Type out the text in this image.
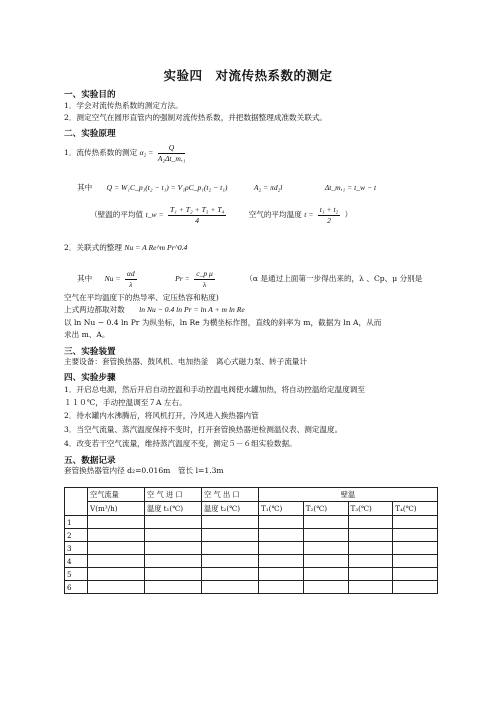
实验四　对流传热系数的测定
一、实验目的
1．学会对流传热系数的测定方法。
2．测定空气在圆形直管内的强制对流传热系数，并把数据整理成准数关联式。
二、实验原理
1．流传热系数的测定 $\alpha_2 = \frac{Q}{\text{A₂Δt\_m,₁}}$
其中 Q = W₁C_p₁(t₂ − t₁) = V₁ρC_p₁(t₂ − t₁)	A₂ = πd₂l	Δt_m,₁ = t_w − t
（壁温的平均值 t_w = $\frac{\text{T₁ + T₂ + T₃ + T₄}}{4}$	空气的平均温度 $t = \frac{\text{t₁ + t₂}}{2}$ ）
2．关联式的整理 Nu = A Re^m Pr^0.4
其中 $Nu = \frac{\alpha d}{\lambda}$	$Pr = \frac{\text{c\_p μ}}{\lambda}$	（α 是通过上面第一步得出来的，λ 、Cp、μ 分别是
空气在平均温度下的热导率、定压热容和粘度)
上式两边都取对数 ln Nu − 0.4 ln Pr = ln A + m ln Re
以 ln Nu − 0.4 ln Pr 为纵坐标，ln Re 为横坐标作图，直线的斜率为 m，截据为 ln A，从而
求出 m、A。
三、实验装置
主要设备：套管换热器、鼓风机、电加热釜　离心式磁力泵、转子流量计
四、实验步骤
1．开启总电源，然后开启自动控温和手动控温电阀使水罐加热，将自动控温给定温度调至
１１０℃，手动控温调至７A 左右。
2．待水罐内水沸腾后，将风机打开，冷风进入换热器内管
3．当空气流量、蒸汽温度保持不变时，打开套管换热器逆检测温仪表、测定温度。
4．改变若干空气流量，维持蒸汽温度不变，测定５－６组实验数据。
五、数据记录
套管换热器管内径 d₂=0.016m　管长 l=1.3m
	空气流量	空 气 进 口	空 气 出 口	壁温			
	V(m³/h)	温度 t₁(℃)	温度 t₂(℃)	T₁(℃)	T₂(℃)	T₃(℃)	T₄(℃)
1							
2							
3							
4							
5							
6							
